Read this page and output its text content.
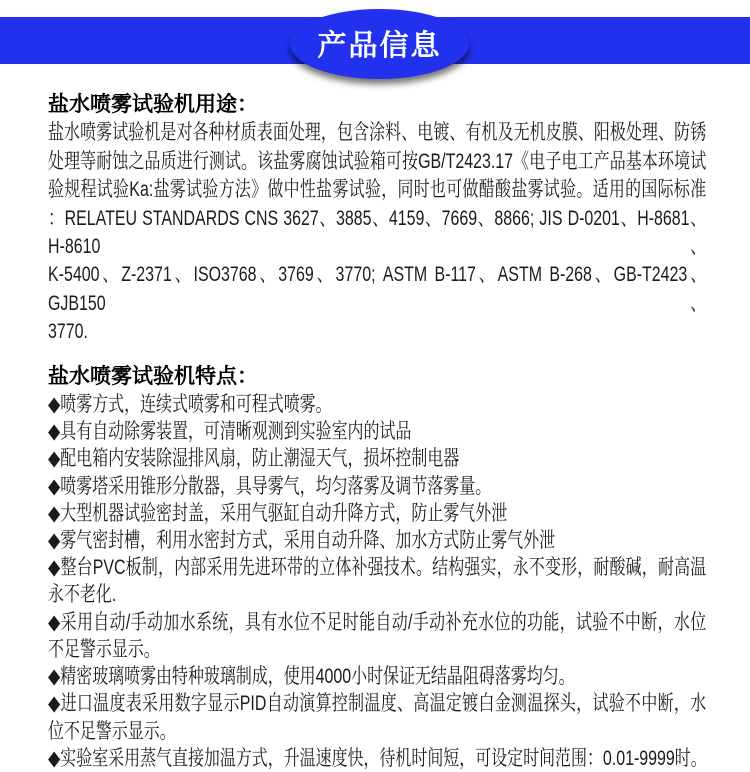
产品信息
盐水喷雾试验机用途：
盐水喷雾试验机是对各种材质表面处理，包含涂料、电镀、有机及无机皮膜、阳极处理、防锈
处理等耐蚀之品质进行测试。该盐雾腐蚀试验箱可按GB/T2423.17《电子电工产品基本环境试
验规程试验Ka:盐雾试验方法》做中性盐雾试验，同时也可做醋酸盐雾试验。适用的国际标准
：RELATEU STANDARDS CNS 3627、3885、4159、7669、8866; JIS D-0201、H-8681、H-8610、
K-5400、Z-2371、ISO3768、3769、3770; ASTM B-117、ASTM B-268、GB-T2423、GJB150、
3770.
盐水喷雾试验机特点：
◆喷雾方式，连续式喷雾和可程式喷雾。
◆具有自动除雾装置，可清晰观测到实验室内的试品
◆配电箱内安装除湿排风扇，防止潮湿天气，损坏控制电器
◆喷雾塔采用锥形分散器，具导雾气，均匀落雾及调节落雾量。
◆大型机器试验密封盖，采用气驱缸自动升降方式，防止雾气外泄
◆雾气密封槽，利用水密封方式，采用自动升降、加水方式防止雾气外泄
◆整台PVC板制，内部采用先进环带的立体补强技术。结构强实，永不变形，耐酸碱，耐高温
永不老化.
◆采用自动/手动加水系统，具有水位不足时能自动/手动补充水位的功能，试验不中断，水位
不足警示显示。
◆精密玻璃喷雾由特种玻璃制成，使用4000小时保证无结晶阻碍落雾均匀。
◆进口温度表采用数字显示PID自动演算控制温度、高温定镀白金测温探头，试验不中断，水
位不足警示显示。
◆实验室采用蒸气直接加温方式，升温速度快，待机时间短，可设定时间范围：0.01-9999时。
